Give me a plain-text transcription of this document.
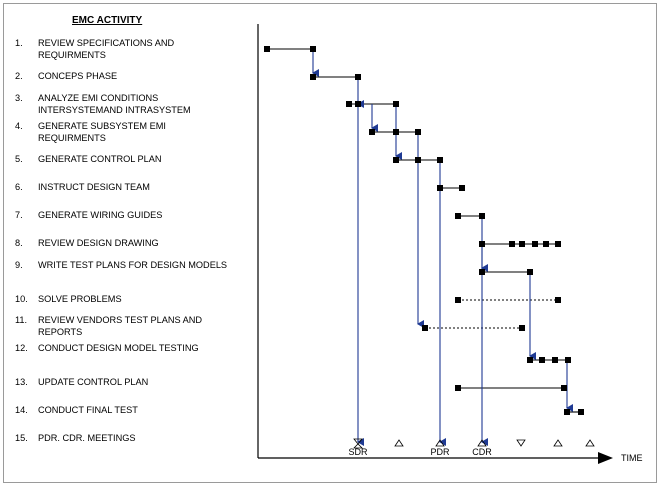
EMC ACTIVITY
1. REVIEW SPECIFICATIONS AND REQUIRMENTS
2. CONCEPS PHASE
3. ANALYZE EMI CONDITIONS INTERSYSTEMAND INTRASYSTEM
4. GENERATE SUBSYSTEM EMI REQUIRMENTS
5. GENERATE CONTROL PLAN
6. INSTRUCT DESIGN TEAM
7. GENERATE WIRING GUIDES
8. REVIEW DESIGN DRAWING
9. WRITE TEST PLANS FOR DESIGN MODELS
10. SOLVE PROBLEMS
11. REVIEW VENDORS TEST PLANS AND REPORTS
12. CONDUCT DESIGN MODEL TESTING
13. UPDATE CONTROL PLAN
14. CONDUCT FINAL TEST
15. PDR. CDR. MEETINGS
SDR	PDR	CDR
TIME
